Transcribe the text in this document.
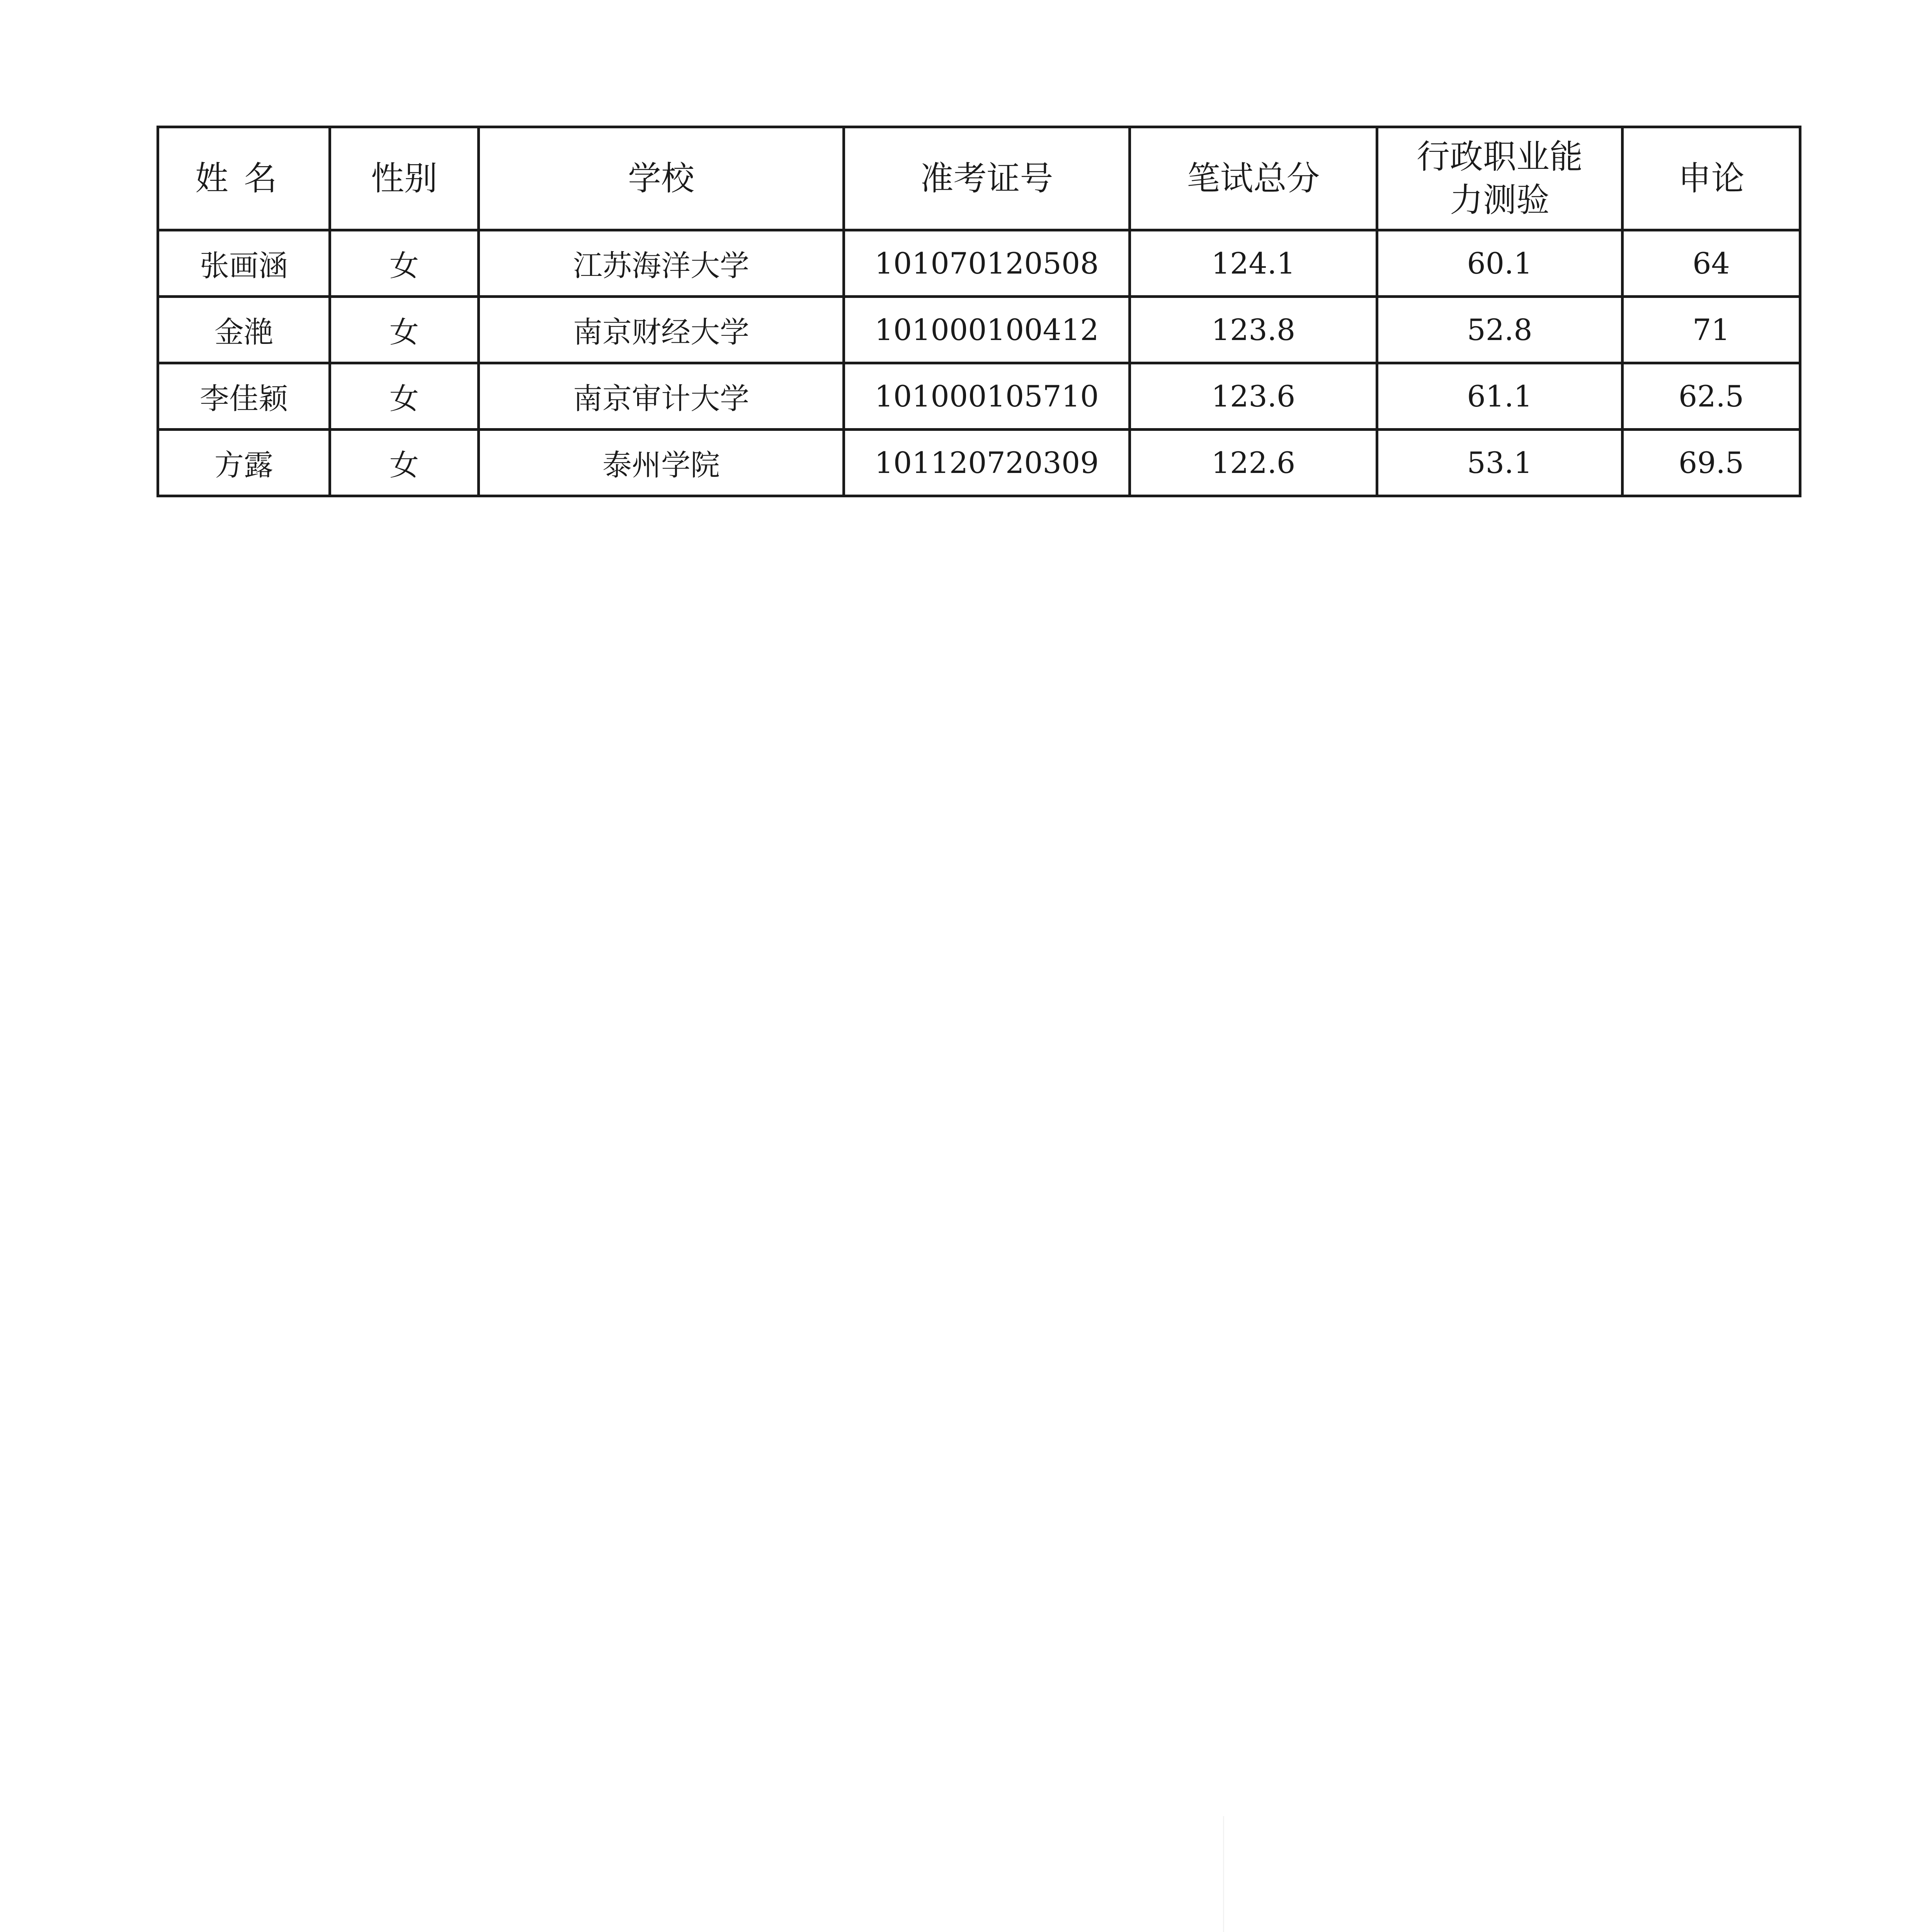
姓名	性别	学校	准考证号	笔试总分	行政职业能力测验	申论
张画涵	女	江苏海洋大学	101070120508	124.1	60.1	64
金滟	女	南京财经大学	101000100412	123.8	52.8	71
李佳颖	女	南京审计大学	101000105710	123.6	61.1	62.5
方露	女	泰州学院	101120720309	122.6	53.1	69.5
